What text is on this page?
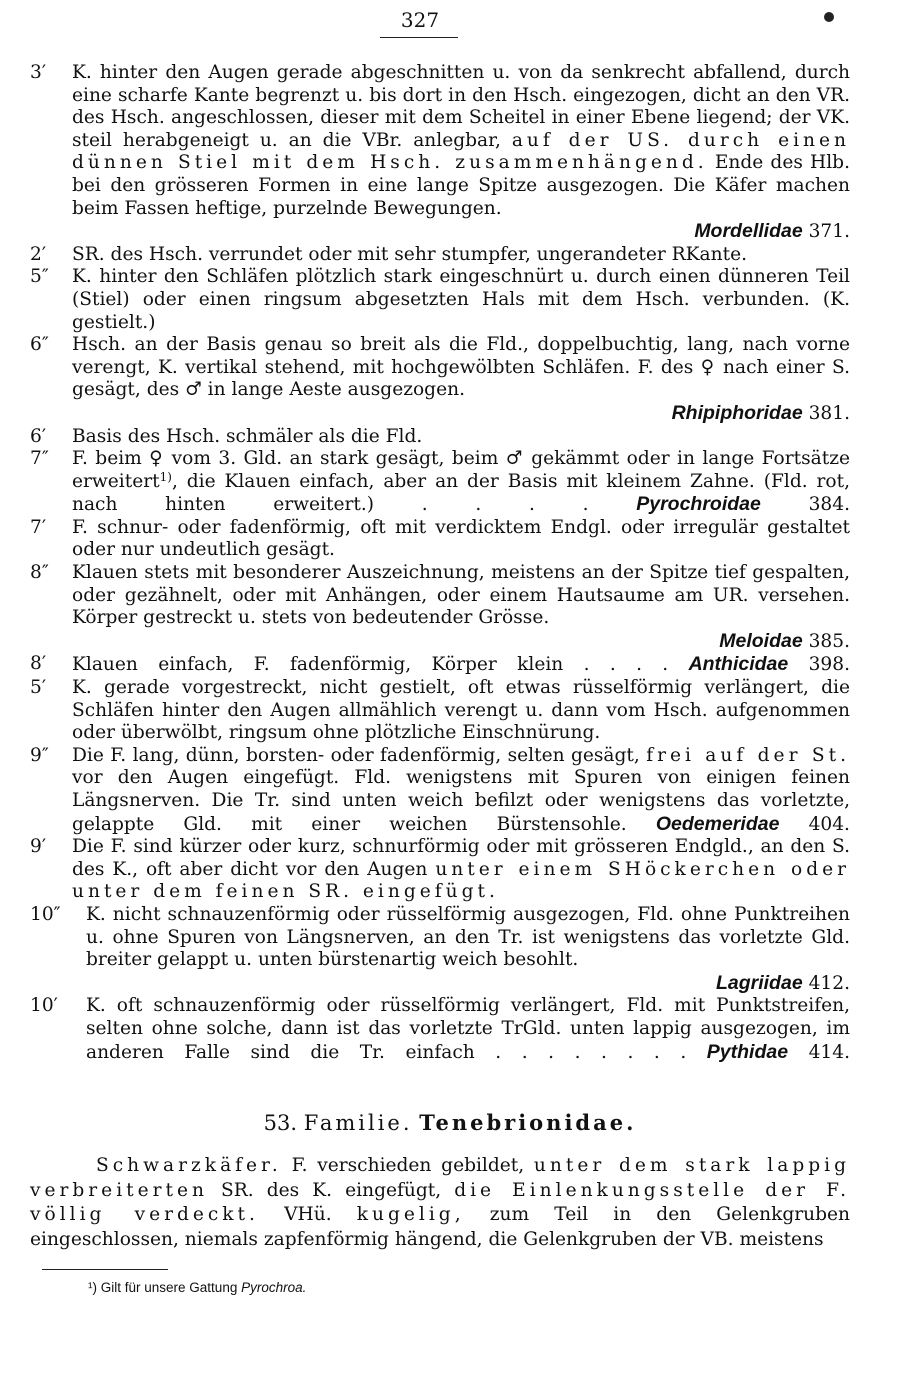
327
3′ K. hinter den Augen gerade abgeschnitten u. von da senkrecht abfallend, durch eine scharfe Kante begrenzt u. bis dort in den Hsch. eingezogen, dicht an den VR. des Hsch. angeschlossen, dieser mit dem Scheitel in einer Ebene liegend; der VK. steil herabgeneigt u. an die VBr. anlegbar, auf der US. durch einen dünnen Stiel mit dem Hsch. zusammenhängend. Ende des Hlb. bei den grösseren Formen in eine lange Spitze ausgezogen. Die Käfer machen beim Fassen heftige, purzelnde Bewegungen.
Mordellidae 371.
2′ SR. des Hsch. verrundet oder mit sehr stumpfer, ungerandeter RKante.
5″ K. hinter den Schläfen plötzlich stark eingeschnürt u. durch einen dünneren Teil (Stiel) oder einen ringsum abgesetzten Hals mit dem Hsch. verbunden. (K. gestielt.)
6″ Hsch. an der Basis genau so breit als die Fld., doppelbuchtig, lang, nach vorne verengt, K. vertikal stehend, mit hochgewölbten Schläfen. F. des ♀ nach einer S. gesägt, des ♂ in lange Aeste ausgezogen.
Rhipiphoridae 381.
6′ Basis des Hsch. schmäler als die Fld.
7″ F. beim ♀ vom 3. Gld. an stark gesägt, beim ♂ gekämmt oder in lange Fortsätze erweitert$^{1)}$, die Klauen einfach, aber an der Basis mit kleinem Zahne. (Fld. rot, nach hinten erweitert.) . . . . Pyrochroidae	384.
7′ F. schnur- oder fadenförmig, oft mit verdicktem Endgl. oder irregulär gestaltet oder nur undeutlich gesägt.
8″ Klauen stets mit besonderer Auszeichnung, meistens an der Spitze tief gespalten, oder gezähnelt, oder mit Anhängen, oder einem Hautsaume am UR. versehen. Körper gestreckt u. stets von bedeutender Grösse.
Meloidae 385.
8′ Klauen einfach, F. fadenförmig, Körper klein . . . . Anthicidae 398.
5′ K. gerade vorgestreckt, nicht gestielt, oft etwas rüsselförmig verlängert, die Schläfen hinter den Augen allmählich verengt u. dann vom Hsch. aufgenommen oder überwölbt, ringsum ohne plötzliche Einschnürung.
9″ Die F. lang, dünn, borsten- oder fadenförmig, selten gesägt, frei auf der St. vor den Augen eingefügt. Fld. wenigstens mit Spuren von einigen feinen Längsnerven. Die Tr. sind unten weich befilzt oder wenigstens das vorletzte, gelappte Gld. mit einer weichen Bürstensohle. Oedemeridae 404.
9′ Die F. sind kürzer oder kurz, schnurförmig oder mit grösseren Endgld., an den S. des K., oft aber dicht vor den Augen unter einem SHöckerchen oder unter dem feinen SR. eingefügt.
10″ K. nicht schnauzenförmig oder rüsselförmig ausgezogen, Fld. ohne Punktreihen u. ohne Spuren von Längsnerven, an den Tr. ist wenigstens das vorletzte Gld. breiter gelappt u. unten bürstenartig weich besohlt.
Lagriidae 412.
10′ K. oft schnauzenförmig oder rüsselförmig verlängert, Fld. mit Punktstreifen, selten ohne solche, dann ist das vorletzte TrGld. unten lappig ausgezogen, im anderen Falle sind die Tr. einfach . . . . . . . . Pythidae 414.
53. Familie. Tenebrionidae.
Schwarzkäfer. F. verschieden gebildet, unter dem stark lappig verbreiterten SR. des K. eingefügt, die Einlenkungsstelle der F. völlig verdeckt. VHü. kugelig, zum Teil in den Gelenkgruben eingeschlossen, niemals zapfenförmig hängend, die Gelenkgruben der VB. meistens
¹) Gilt für unsere Gattung Pyrochroa.
